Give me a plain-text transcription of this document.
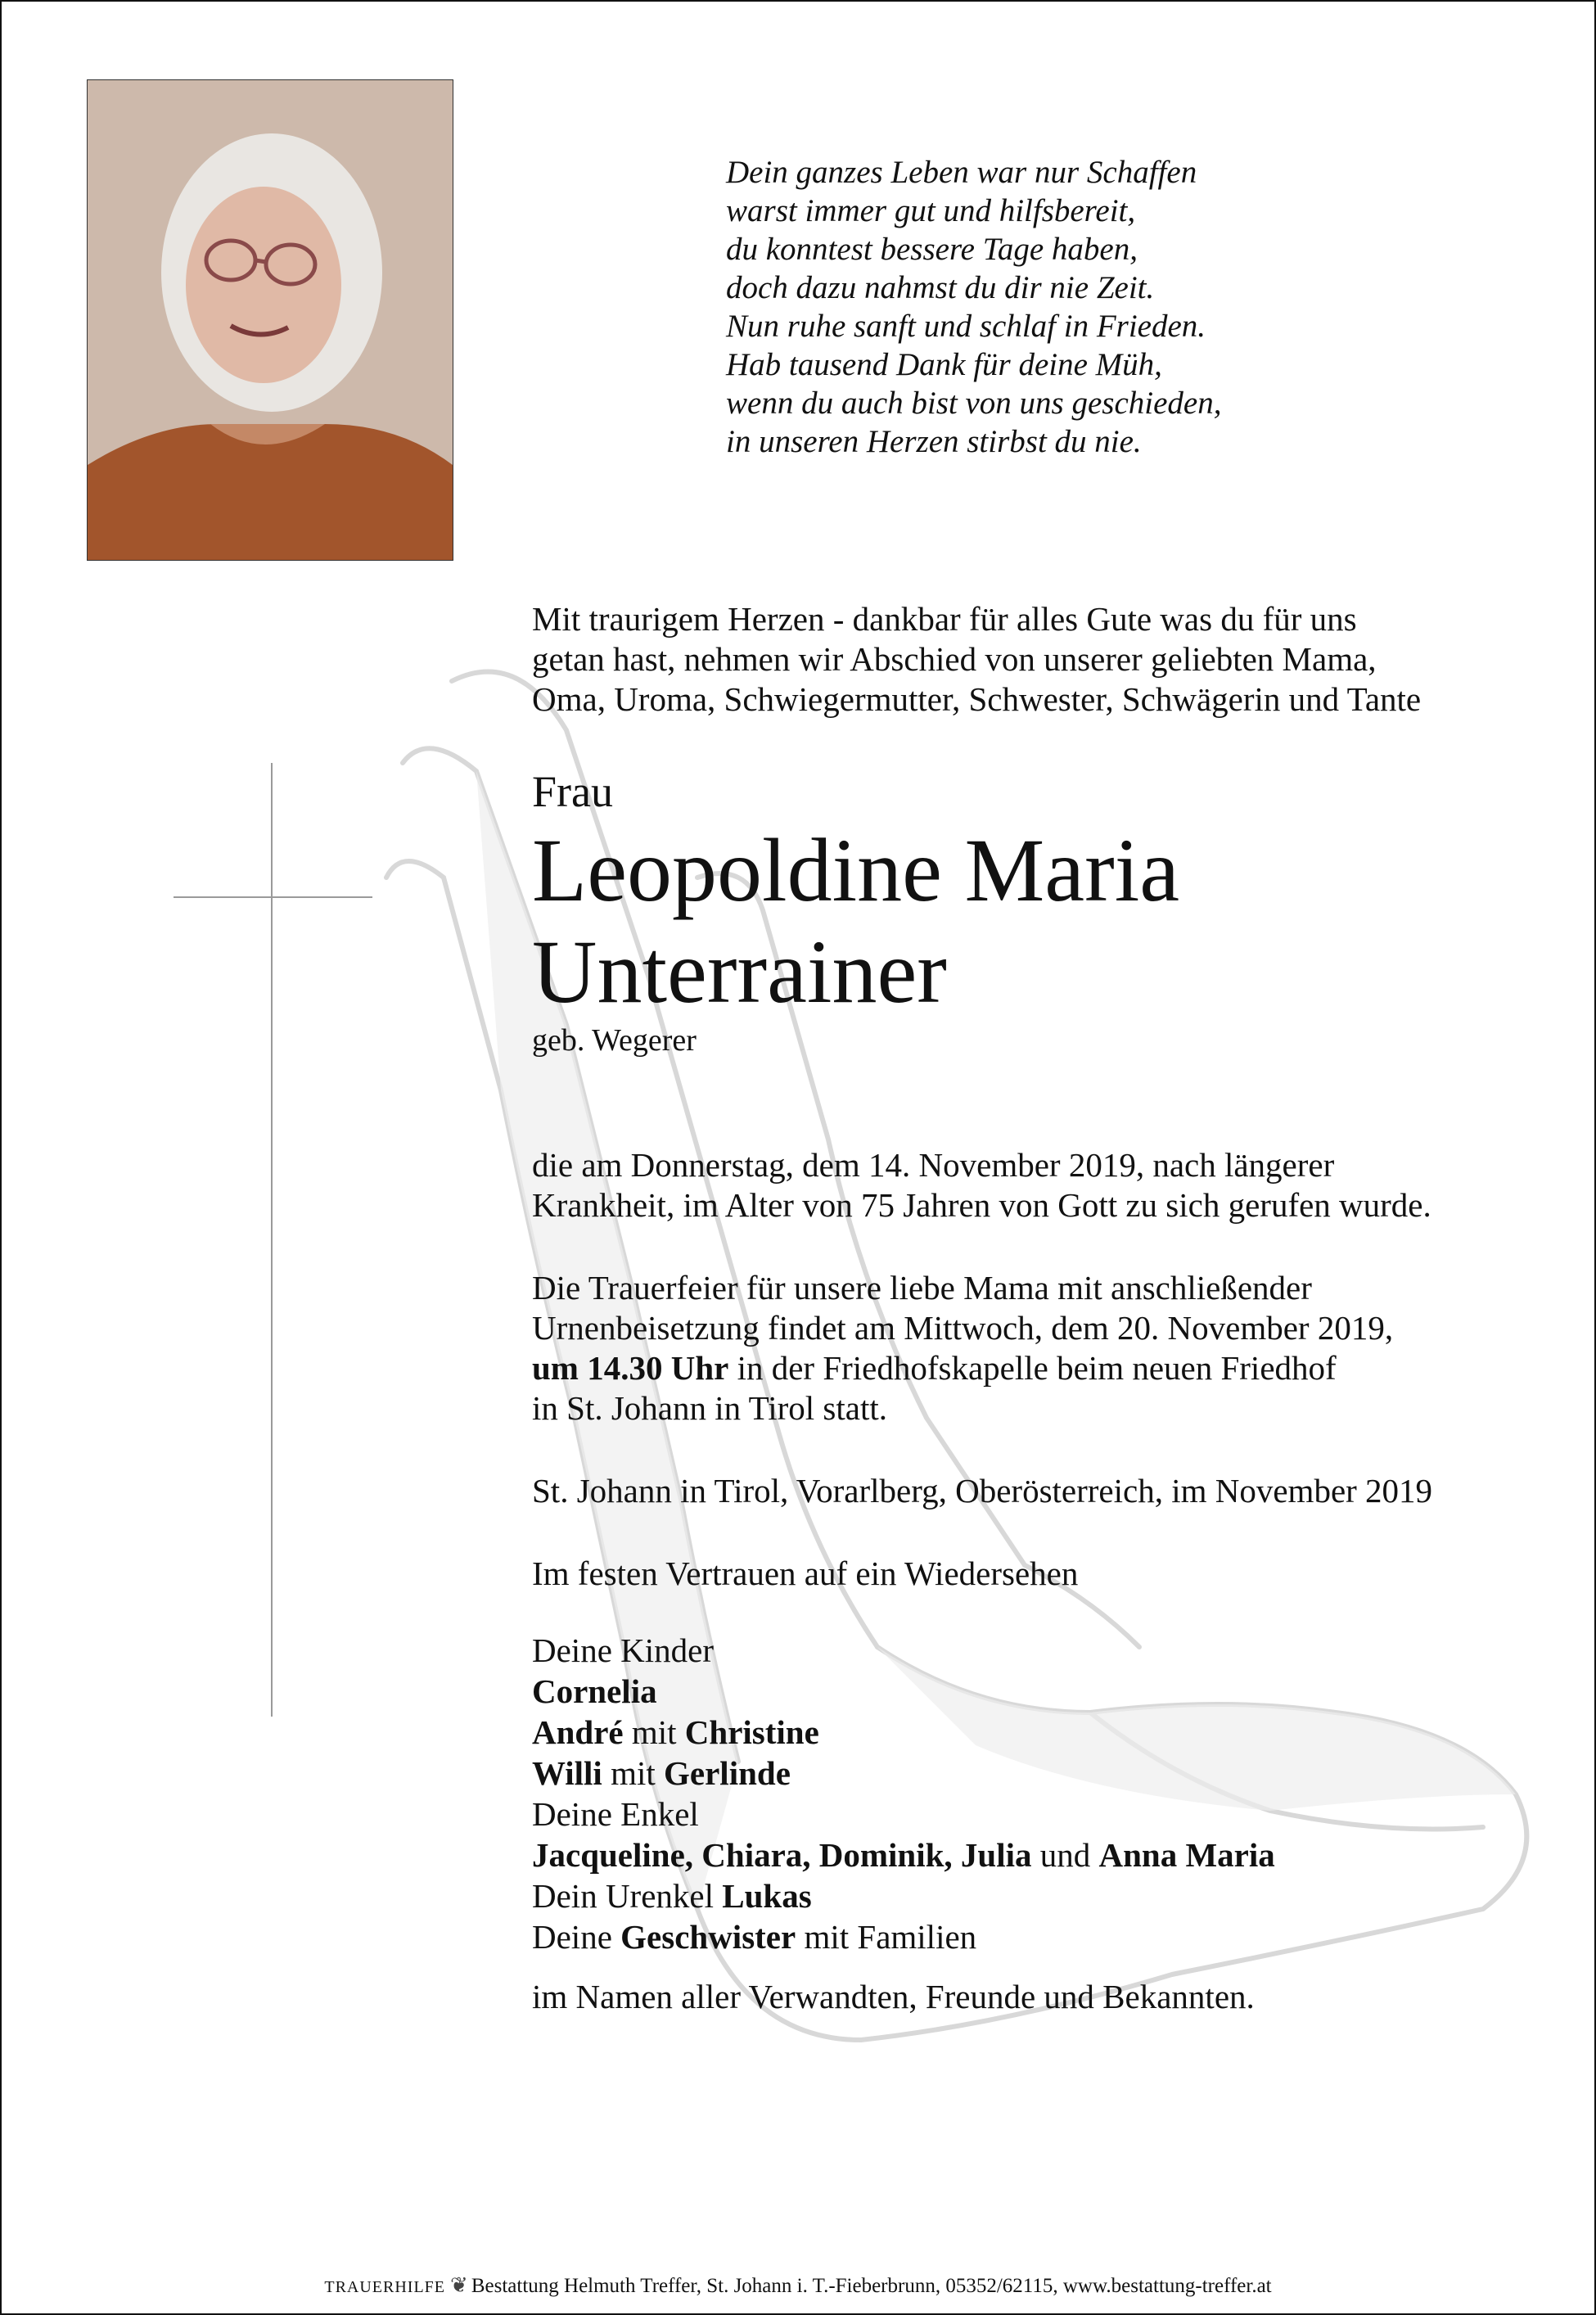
Dein ganzes Leben war nur Schaffen
warst immer gut und hilfsbereit,
du konntest bessere Tage haben,
doch dazu nahmst du dir nie Zeit.
Nun ruhe sanft und schlaf in Frieden.
Hab tausend Dank für deine Müh,
wenn du auch bist von uns geschieden,
in unseren Herzen stirbst du nie.

Mit traurigem Herzen - dankbar für alles Gute was du für uns
getan hast, nehmen wir Abschied von unserer geliebten Mama,
Oma, Uroma, Schwiegermutter, Schwester, Schwägerin und Tante

Frau

Leopoldine Maria
Unterrainer

geb. Wegerer

die am Donnerstag, dem 14. November 2019, nach längerer
Krankheit, im Alter von 75 Jahren von Gott zu sich gerufen wurde.

Die Trauerfeier für unsere liebe Mama mit anschließender
Urnenbeisetzung findet am Mittwoch, dem 20. November 2019,
um 14.30 Uhr in der Friedhofskapelle beim neuen Friedhof
in St. Johann in Tirol statt.

St. Johann in Tirol, Vorarlberg, Oberösterreich, im November 2019

Im festen Vertrauen auf ein Wiedersehen

Deine Kinder
Cornelia
André mit Christine
Willi mit Gerlinde
Deine Enkel
Jacqueline, Chiara, Dominik, Julia und Anna Maria
Dein Urenkel Lukas
Deine Geschwister mit Familien

im Namen aller Verwandten, Freunde und Bekannten.

TRAUERHILFE ❦ Bestattung Helmuth Treffer, St. Johann i. T.-Fieberbrunn, 05352/62115, www.bestattung-treffer.at
